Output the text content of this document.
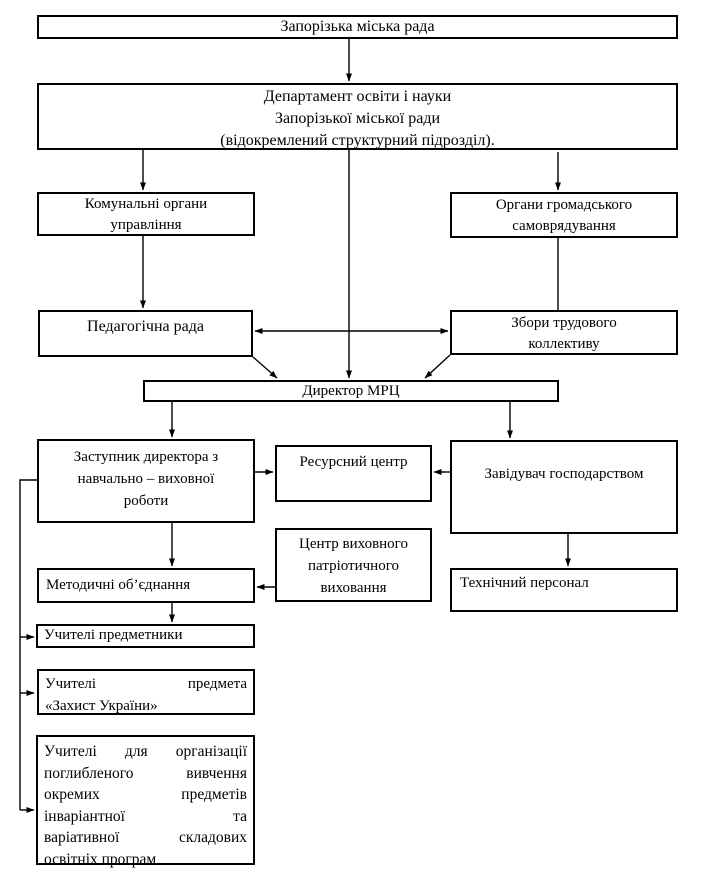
Запорізька міська рада
Департамент освіти і науки
Запорізької міської ради
(відокремлений структурний підрозділ).
Комунальні органи
управління
Органи громадського
самоврядування
Педагогічна рада	Збори трудового
коллективу
Директор МРЦ
Заступник директора з
навчально – виховної
роботи
Ресурсний центр
Завідувач господарством
Центр виховного
патріотичного
виховання
Методичні об’єднання	Технічний персонал
Учителі предметники
Учителі	предмета
«Захист України»
Учителі для організації
поглибленого	вивчення
окремих	предметів
інваріантної	та
варіативної	складових
освітніх програм
